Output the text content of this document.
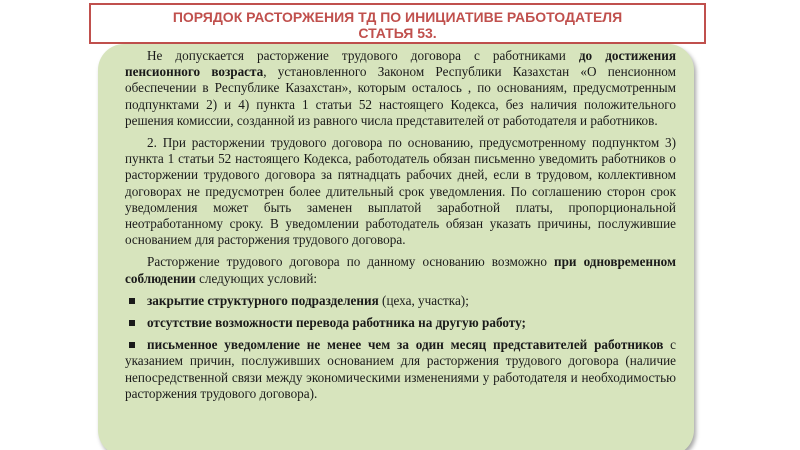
ПОРЯДОК РАСТОРЖЕНИЯ ТД ПО ИНИЦИАТИВЕ РАБОТОДАТЕЛЯ
СТАТЬЯ 53.

Не допускается расторжение трудового договора с работниками до достижения пенсионного возраста, установленного Законом Республики Казахстан «О пенсионном обеспечении в Республике Казахстан», которым осталось , по основаниям, предусмотренным подпунктами 2) и 4) пункта 1 статьи 52 настоящего Кодекса, без наличия положительного решения комиссии, созданной из равного числа представителей от работодателя и работников.

2. При расторжении трудового договора по основанию, предусмотренному подпунктом 3) пункта 1 статьи 52 настоящего Кодекса, работодатель обязан письменно уведомить работников о расторжении трудового договора за пятнадцать рабочих дней, если в трудовом, коллективном договорах не предусмотрен более длительный срок уведомления. По соглашению сторон срок уведомления может быть заменен выплатой заработной платы, пропорциональной неотработанному сроку. В уведомлении работодатель обязан указать причины, послужившие основанием для расторжения трудового договора.

Расторжение трудового договора по данному основанию возможно при одновременном соблюдении следующих условий:

закрытие структурного подразделения (цеха, участка);

отсутствие возможности перевода работника на другую работу;

письменное уведомление не менее чем за один месяц представителей работников с указанием причин, послуживших основанием для расторжения трудового договора (наличие непосредственной связи между экономическими изменениями у работодателя и необходимостью расторжения трудового договора).
